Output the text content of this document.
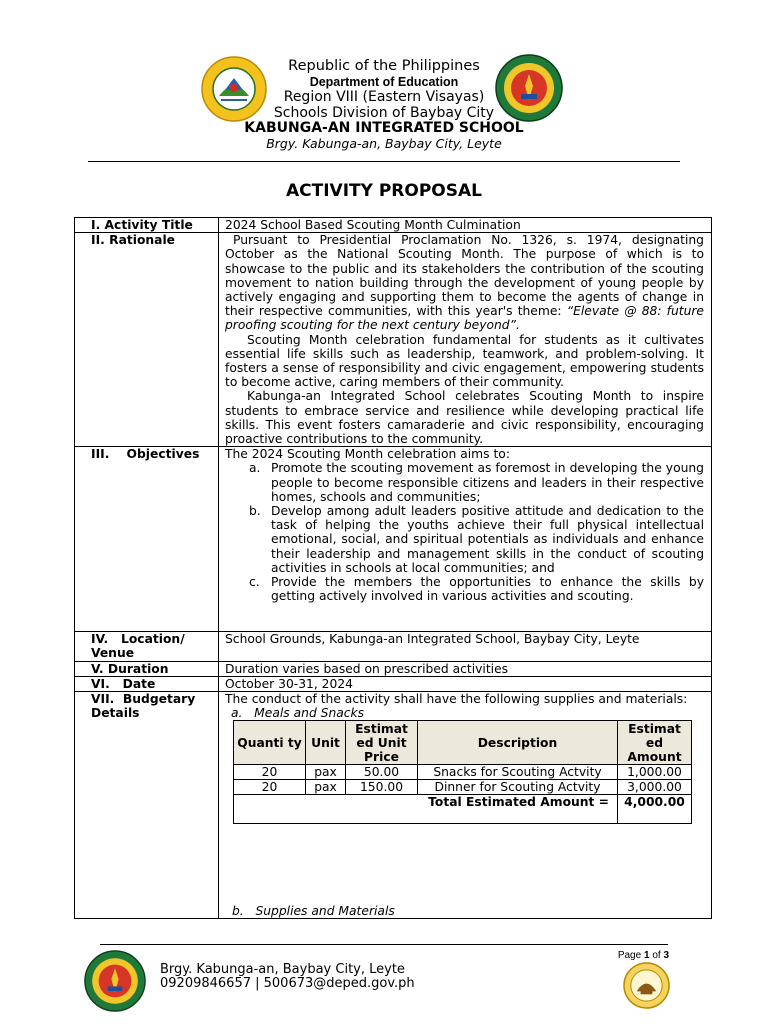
Republic of the Philippines
Department of Education
Region VIII (Eastern Visayas)
Schools Division of Baybay City
KABUNGA-AN INTEGRATED SCHOOL
Brgy. Kabunga-an, Baybay City, Leyte
ACTIVITY PROPOSAL
I. Activity Title	2024 School Based Scouting Month Culmination
II. Rationale	Pursuant to Presidential Proclamation No. 1326, s. 1974, designating October as the National Scouting Month. The purpose of which is to showcase to the public and its stakeholders the contribution of the scouting movement to nation building through the development of young people by actively engaging and supporting them to become the agents of change in their respective communities, with this year's theme: “Elevate @ 88: future proofing scouting for the next century beyond”.
Scouting Month celebration fundamental for students as it cultivates essential life skills such as leadership, teamwork, and problem-solving. It fosters a sense of responsibility and civic engagement, empowering students to become active, caring members of their community.
Kabunga-an Integrated School celebrates Scouting Month to inspire students to embrace service and resilience while developing practical life skills. This event fosters camaraderie and civic responsibility, encouraging proactive contributions to the community.

III.    Objectives	The 2024 Scouting Month celebration aims to:
a. Promote the scouting movement as foremost in developing the young people to become responsible citizens and leaders in their respective homes, schools and communities;
b. Develop among adult leaders positive attitude and dedication to the task of helping the youths achieve their full physical intellectual emotional, social, and spiritual potentials as individuals and enhance their leadership and management skills in the conduct of scouting activities in schools at local communities; and
c. Provide the members the opportunities to enhance the skills by getting actively involved in various activities and scouting.

IV.   Location/ Venue	School Grounds, Kabunga-an Integrated School, Baybay City, Leyte
V. Duration	Duration varies based on prescribed activities
VI.   Date	October 30-31, 2024
VII.  Budgetary Details	
The conduct of the activity shall have the following supplies and materials:
a.   Meals and Snacks
Quanti ty	Unit	Estimat ed Unit Price	Description	Estimat ed Amount
20	pax	50.00	Snacks for Scouting Actvity	1,000.00
20	pax	150.00	Dinner for Scouting Actvity	3,000.00
Total Estimated Amount =	4,000.00
b.   Supplies and Materials
Page 1 of 3
Brgy. Kabunga-an, Baybay City, Leyte
09209846657 | 500673@deped.gov.ph
